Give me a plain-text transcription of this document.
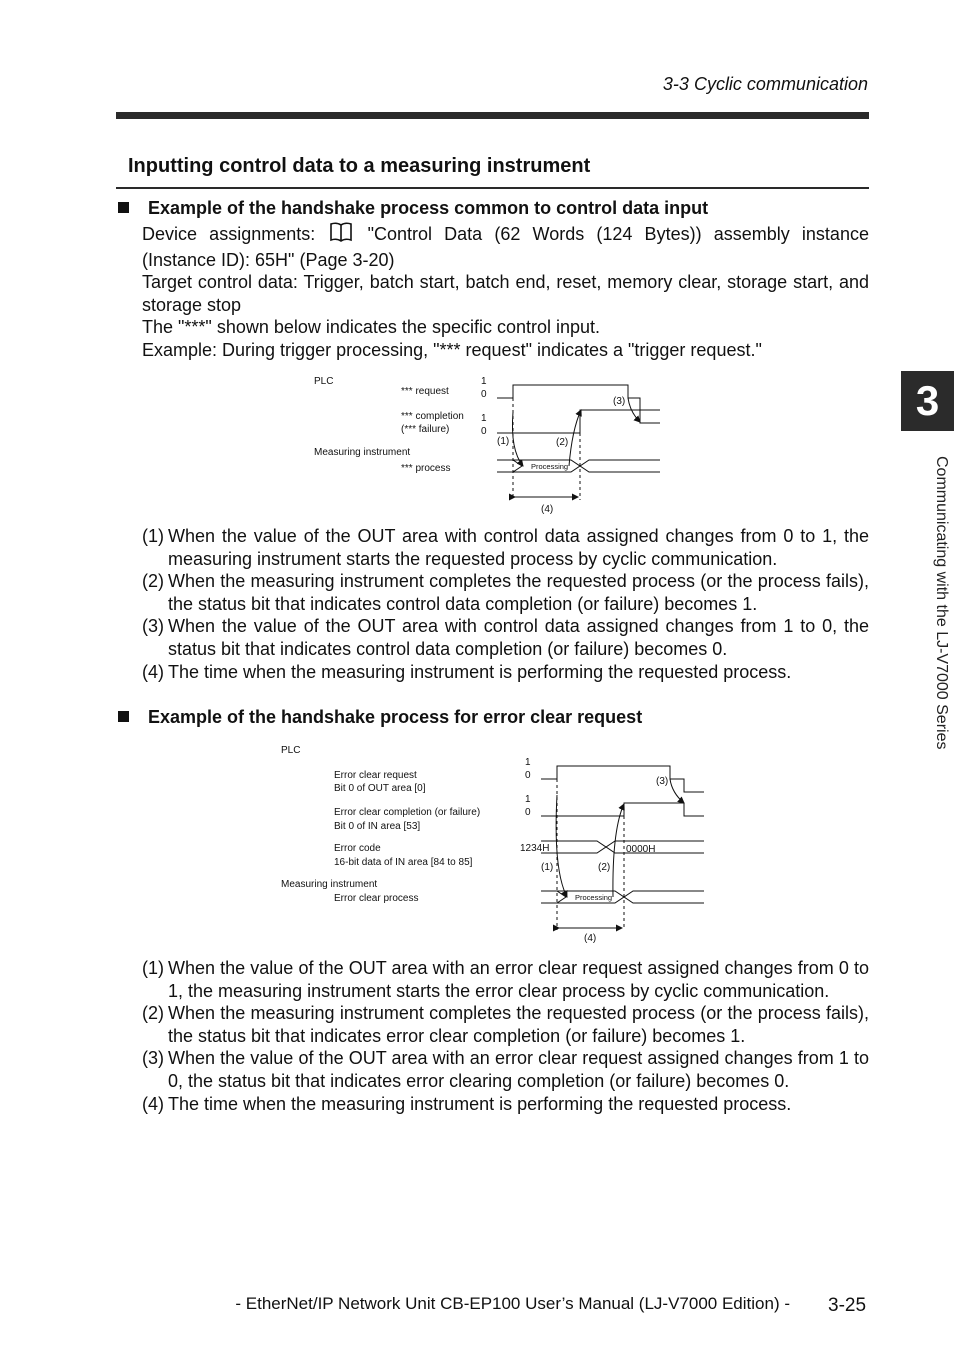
3-3 Cyclic communication
Inputting control data to a measuring instrument
Example of the handshake process common to control data input

Device assignments:	"Control Data (62 Words (124 Bytes)) assembly instance (Instance ID): 65H" (Page 3-20)

Target control data: Trigger, batch start, batch end, reset, memory clear, storage start, and storage stop

The "***" shown below indicates the specific control input.

Example: During trigger processing, "*** request" indicates a "trigger request."

PLC
*** request
*** completion
(*** failure)
Measuring instrument
*** process
1
0
1
0
(1)	(2)
(3)
(4)
Processing
(1) When the value of the OUT area with control data assigned changes from 0 to 1, the measuring instrument starts the requested process by cyclic communication.
(2) When the measuring instrument completes the requested process (or the process fails), the status bit that indicates control data completion (or failure) becomes 1.
(3) When the value of the OUT area with control data assigned changes from 1 to 0, the status bit that indicates control data completion (or failure) becomes 0.
(4) The time when the measuring instrument is performing the requested process.
Example of the handshake process for error clear request
PLC
Error clear request
Bit 0 of OUT area [0]
Error clear completion (or failure)
Bit 0 of IN area [53]
Error code
16-bit data of IN area [84 to 85]
Measuring instrument
Error clear process
1
0
1
0
1234H	0000H
(1)	(2)
(3)
(4)
Processing
(1) When the value of the OUT area with an error clear request assigned changes from 0 to 1, the measuring instrument starts the error clear process by cyclic communication.
(2) When the measuring instrument completes the requested process (or the process fails), the status bit that indicates error clear completion (or failure) becomes 1.
(3) When the value of the OUT area with an error clear request assigned changes from 1 to 0, the status bit that indicates error clearing completion (or failure) becomes 0.
(4) The time when the measuring instrument is performing the requested process.
3
Communicating with the LJ-V7000 Series
- EtherNet/IP Network Unit CB-EP100 User’s Manual (LJ-V7000 Edition) - 3-25
